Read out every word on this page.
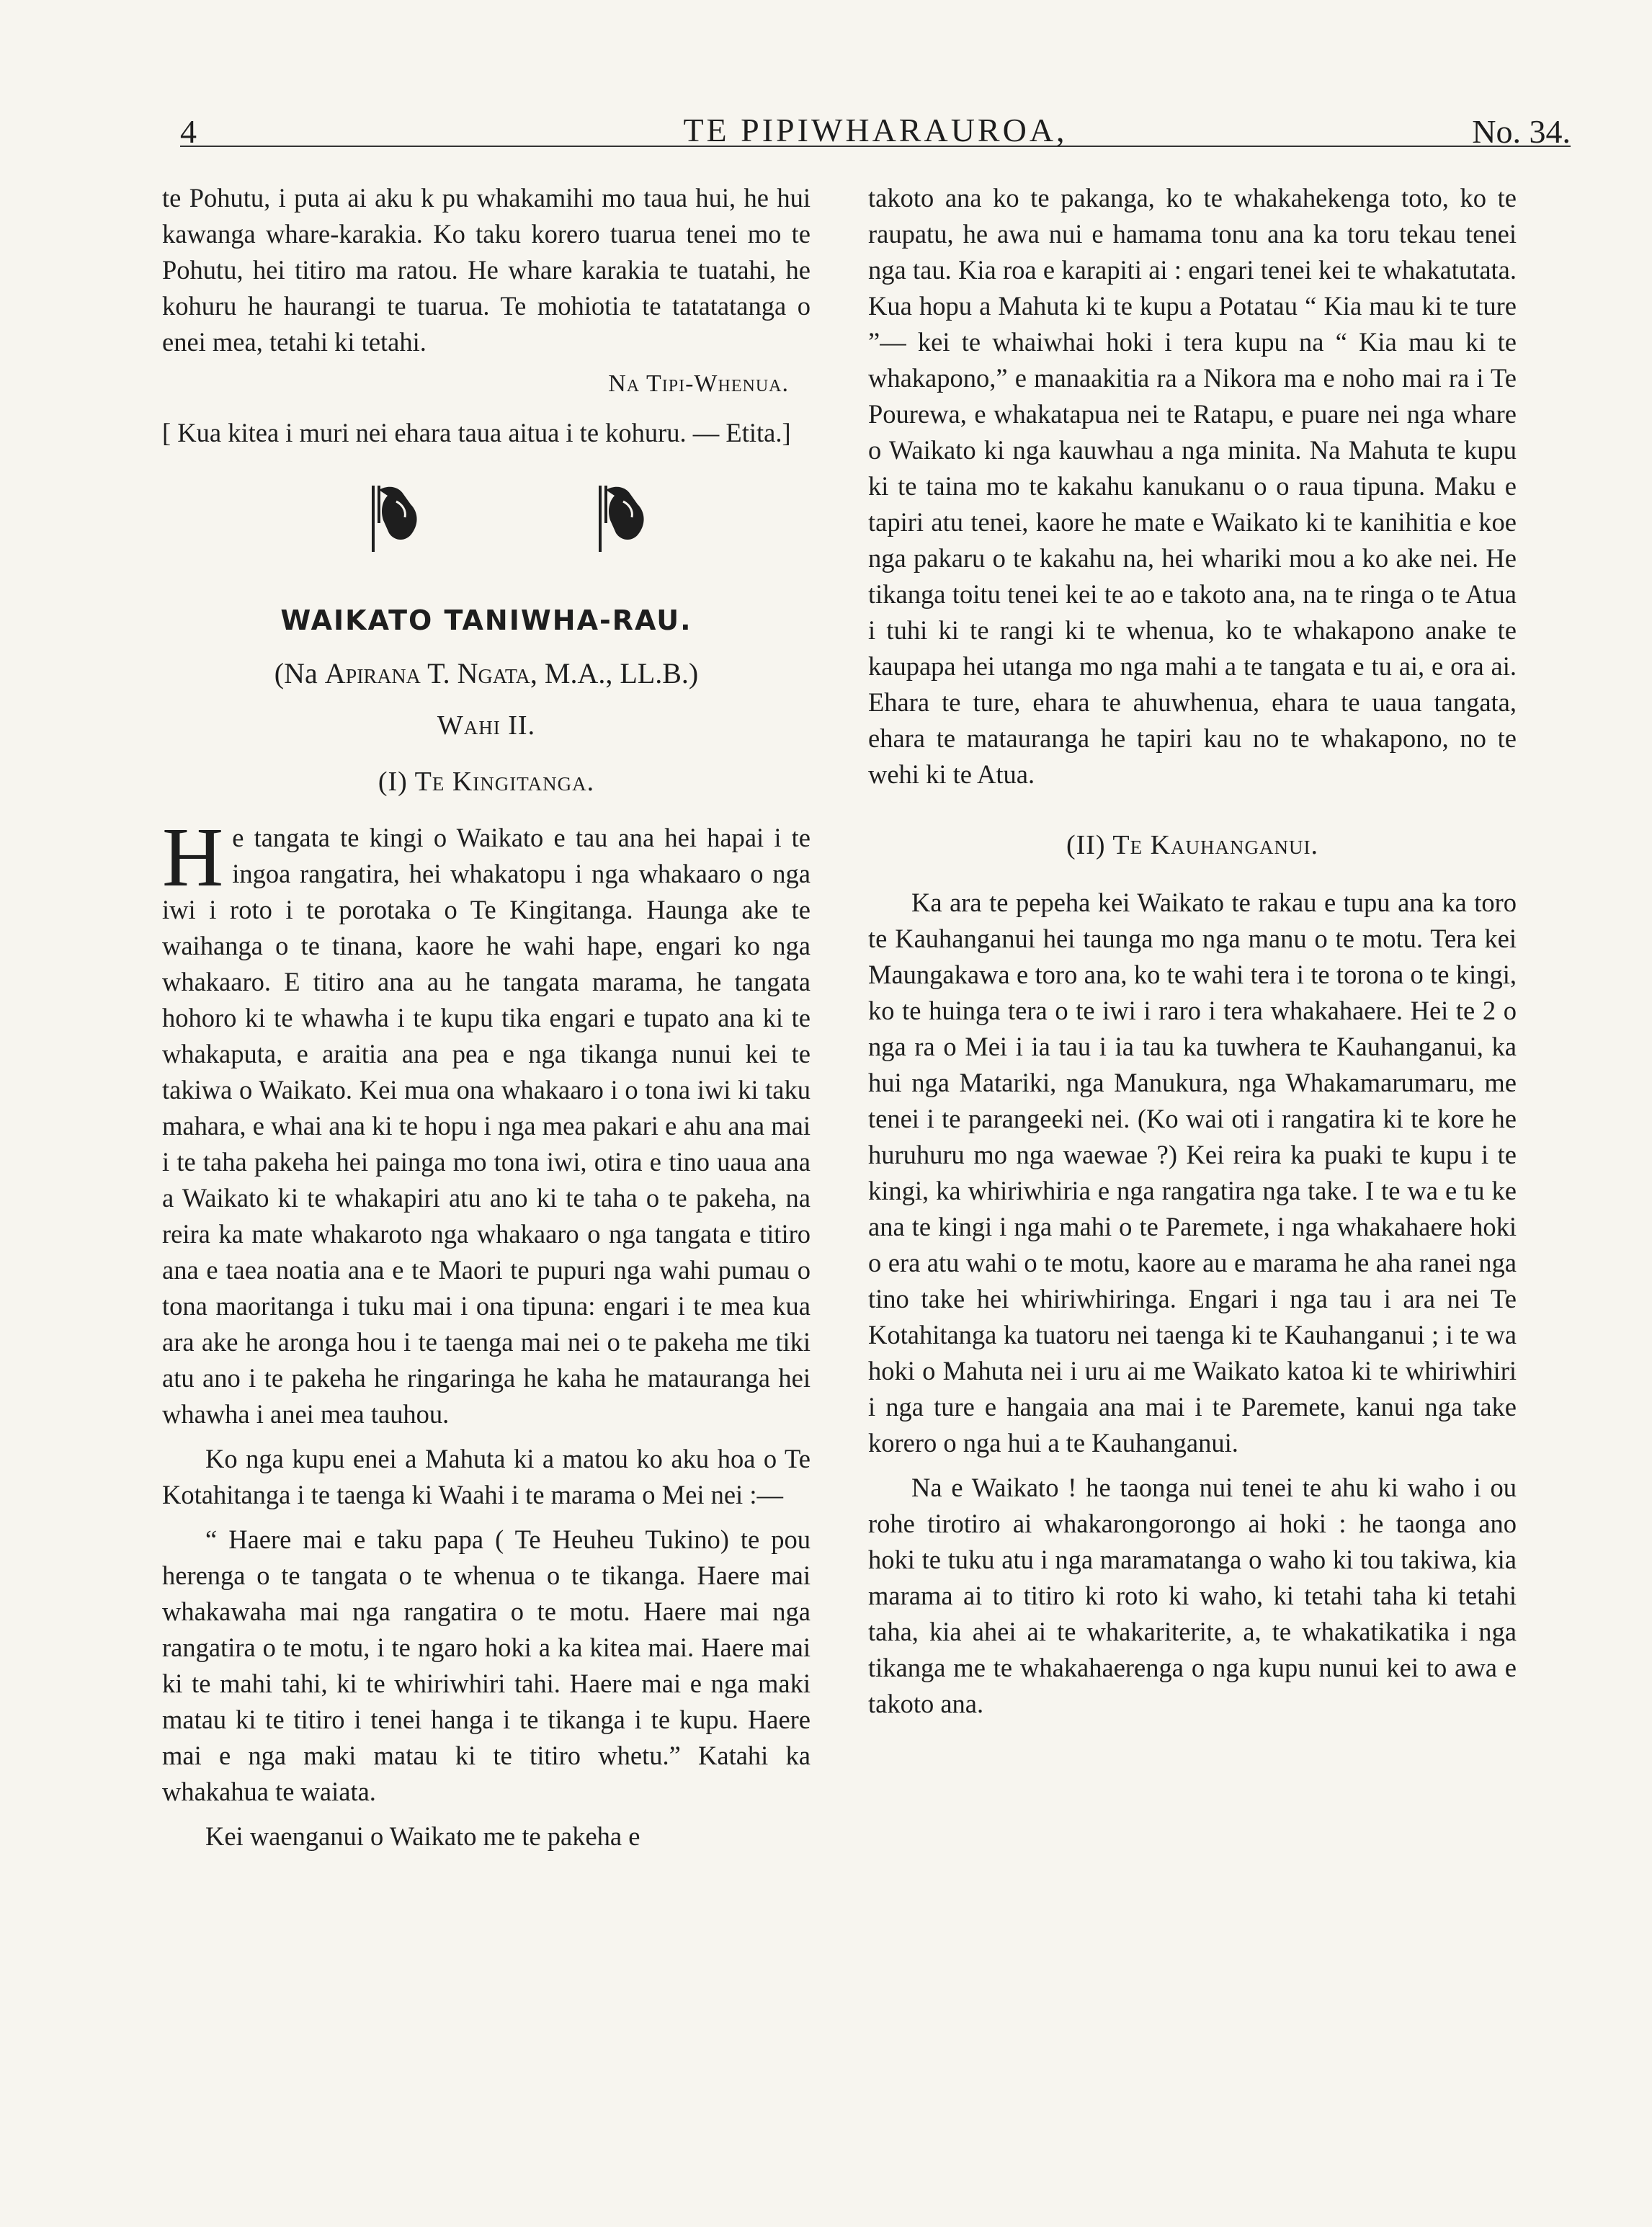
4	TE PIPIWHARAUROA,	No. 34.

te Pohutu, i puta ai aku k pu whakamihi mo taua hui, he hui kawanga whare-karakia. Ko taku korero tuarua tenei mo te Pohutu, hei titiro ma ratou. He whare karakia te tuatahi, he kohuru he haurangi te tuarua. Te mohiotia te tatatatanga o enei mea, tetahi ki tetahi.

Na Tipi-Whenua.

[ Kua kitea i muri nei ehara taua aitua i te kohuru. — Etita.]

WAIKATO TANIWHA-RAU.

(Na Apirana T. Ngata, M.A., LL.B.)

Wahi II.

(I) Te Kingitanga.

He tangata te kingi o Waikato e tau ana hei hapai i te ingoa rangatira, hei whakatopu i nga whakaaro o nga iwi i roto i te porotaka o Te Kingitanga. Haunga ake te waihanga o te tinana, kaore he wahi hape, engari ko nga whakaaro. E titiro ana au he tangata marama, he tangata hohoro ki te whawha i te kupu tika engari e tupato ana ki te whakaputa, e araitia ana pea e nga tikanga nunui kei te takiwa o Waikato. Kei mua ona whakaaro i o tona iwi ki taku mahara, e whai ana ki te hopu i nga mea pakari e ahu ana mai i te taha pakeha hei painga mo tona iwi, otira e tino uaua ana a Waikato ki te whakapiri atu ano ki te taha o te pakeha, na reira ka mate whakaroto nga whakaaro o nga tangata e titiro ana e taea noatia ana e te Maori te pupuri nga wahi pumau o tona maoritanga i tuku mai i ona tipuna: engari i te mea kua ara ake he aronga hou i te taenga mai nei o te pakeha me tiki atu ano i te pakeha he ringaringa he kaha he matauranga hei whawha i anei mea tauhou.

Ko nga kupu enei a Mahuta ki a matou ko aku hoa o Te Kotahitanga i te taenga ki Waahi i te marama o Mei nei :—

“ Haere mai e taku papa ( Te Heuheu Tukino) te pou herenga o te tangata o te whenua o te tikanga. Haere mai whakawaha mai nga rangatira o te motu. Haere mai nga rangatira o te motu, i te ngaro hoki a ka kitea mai. Haere mai ki te mahi tahi, ki te whiriwhiri tahi. Haere mai e nga maki matau ki te titiro i tenei hanga i te tikanga i te kupu. Haere mai e nga maki matau ki te titiro whetu.” Katahi ka whakahua te waiata.

Kei waenganui o Waikato me te pakeha e

takoto ana ko te pakanga, ko te whakahekenga toto, ko te raupatu, he awa nui e hamama tonu ana ka toru tekau tenei nga tau. Kia roa e karapiti ai : engari tenei kei te whakatutata. Kua hopu a Mahuta ki te kupu a Potatau “ Kia mau ki te ture ”— kei te whaiwhai hoki i tera kupu na “ Kia mau ki te whakapono,” e manaakitia ra a Nikora ma e noho mai ra i Te Pourewa, e whakatapua nei te Ratapu, e puare nei nga whare o Waikato ki nga kauwhau a nga minita. Na Mahuta te kupu ki te taina mo te kakahu kanukanu o o raua tipuna. Maku e tapiri atu tenei, kaore he mate e Waikato ki te kanihitia e koe nga pakaru o te kakahu na, hei whariki mou a ko ake nei. He tikanga toitu tenei kei te ao e takoto ana, na te ringa o te Atua i tuhi ki te rangi ki te whenua, ko te whakapono anake te kaupapa hei utanga mo nga mahi a te tangata e tu ai, e ora ai. Ehara te ture, ehara te ahuwhenua, ehara te uaua tangata, ehara te matauranga he tapiri kau no te whakapono, no te wehi ki te Atua.

(II) Te Kauhanganui.

Ka ara te pepeha kei Waikato te rakau e tupu ana ka toro te Kauhanganui hei taunga mo nga manu o te motu. Tera kei Maungakawa e toro ana, ko te wahi tera i te torona o te kingi, ko te huinga tera o te iwi i raro i tera whakahaere. Hei te 2 o nga ra o Mei i ia tau i ia tau ka tuwhera te Kauhanganui, ka hui nga Matariki, nga Manukura, nga Whakamarumaru, me tenei i te parangeeki nei. (Ko wai oti i rangatira ki te kore he huruhuru mo nga waewae ?) Kei reira ka puaki te kupu i te kingi, ka whiriwhiria e nga rangatira nga take. I te wa e tu ke ana te kingi i nga mahi o te Paremete, i nga whakahaere hoki o era atu wahi o te motu, kaore au e marama he aha ranei nga tino take hei whiriwhiringa. Engari i nga tau i ara nei Te Kotahitanga ka tuatoru nei taenga ki te Kauhanganui ; i te wa hoki o Mahuta nei i uru ai me Waikato katoa ki te whiriwhiri i nga ture e hangaia ana mai i te Paremete, kanui nga take korero o nga hui a te Kauhanganui.

Na e Waikato ! he taonga nui tenei te ahu ki waho i ou rohe tirotiro ai whakarongorongo ai hoki : he taonga ano hoki te tuku atu i nga maramatanga o waho ki tou takiwa, kia marama ai to titiro ki roto ki waho, ki tetahi taha ki tetahi taha, kia ahei ai te whakariterite, a, te whakatikatika i nga tikanga me te whakahaerenga o nga kupu nunui kei to awa e takoto ana.
